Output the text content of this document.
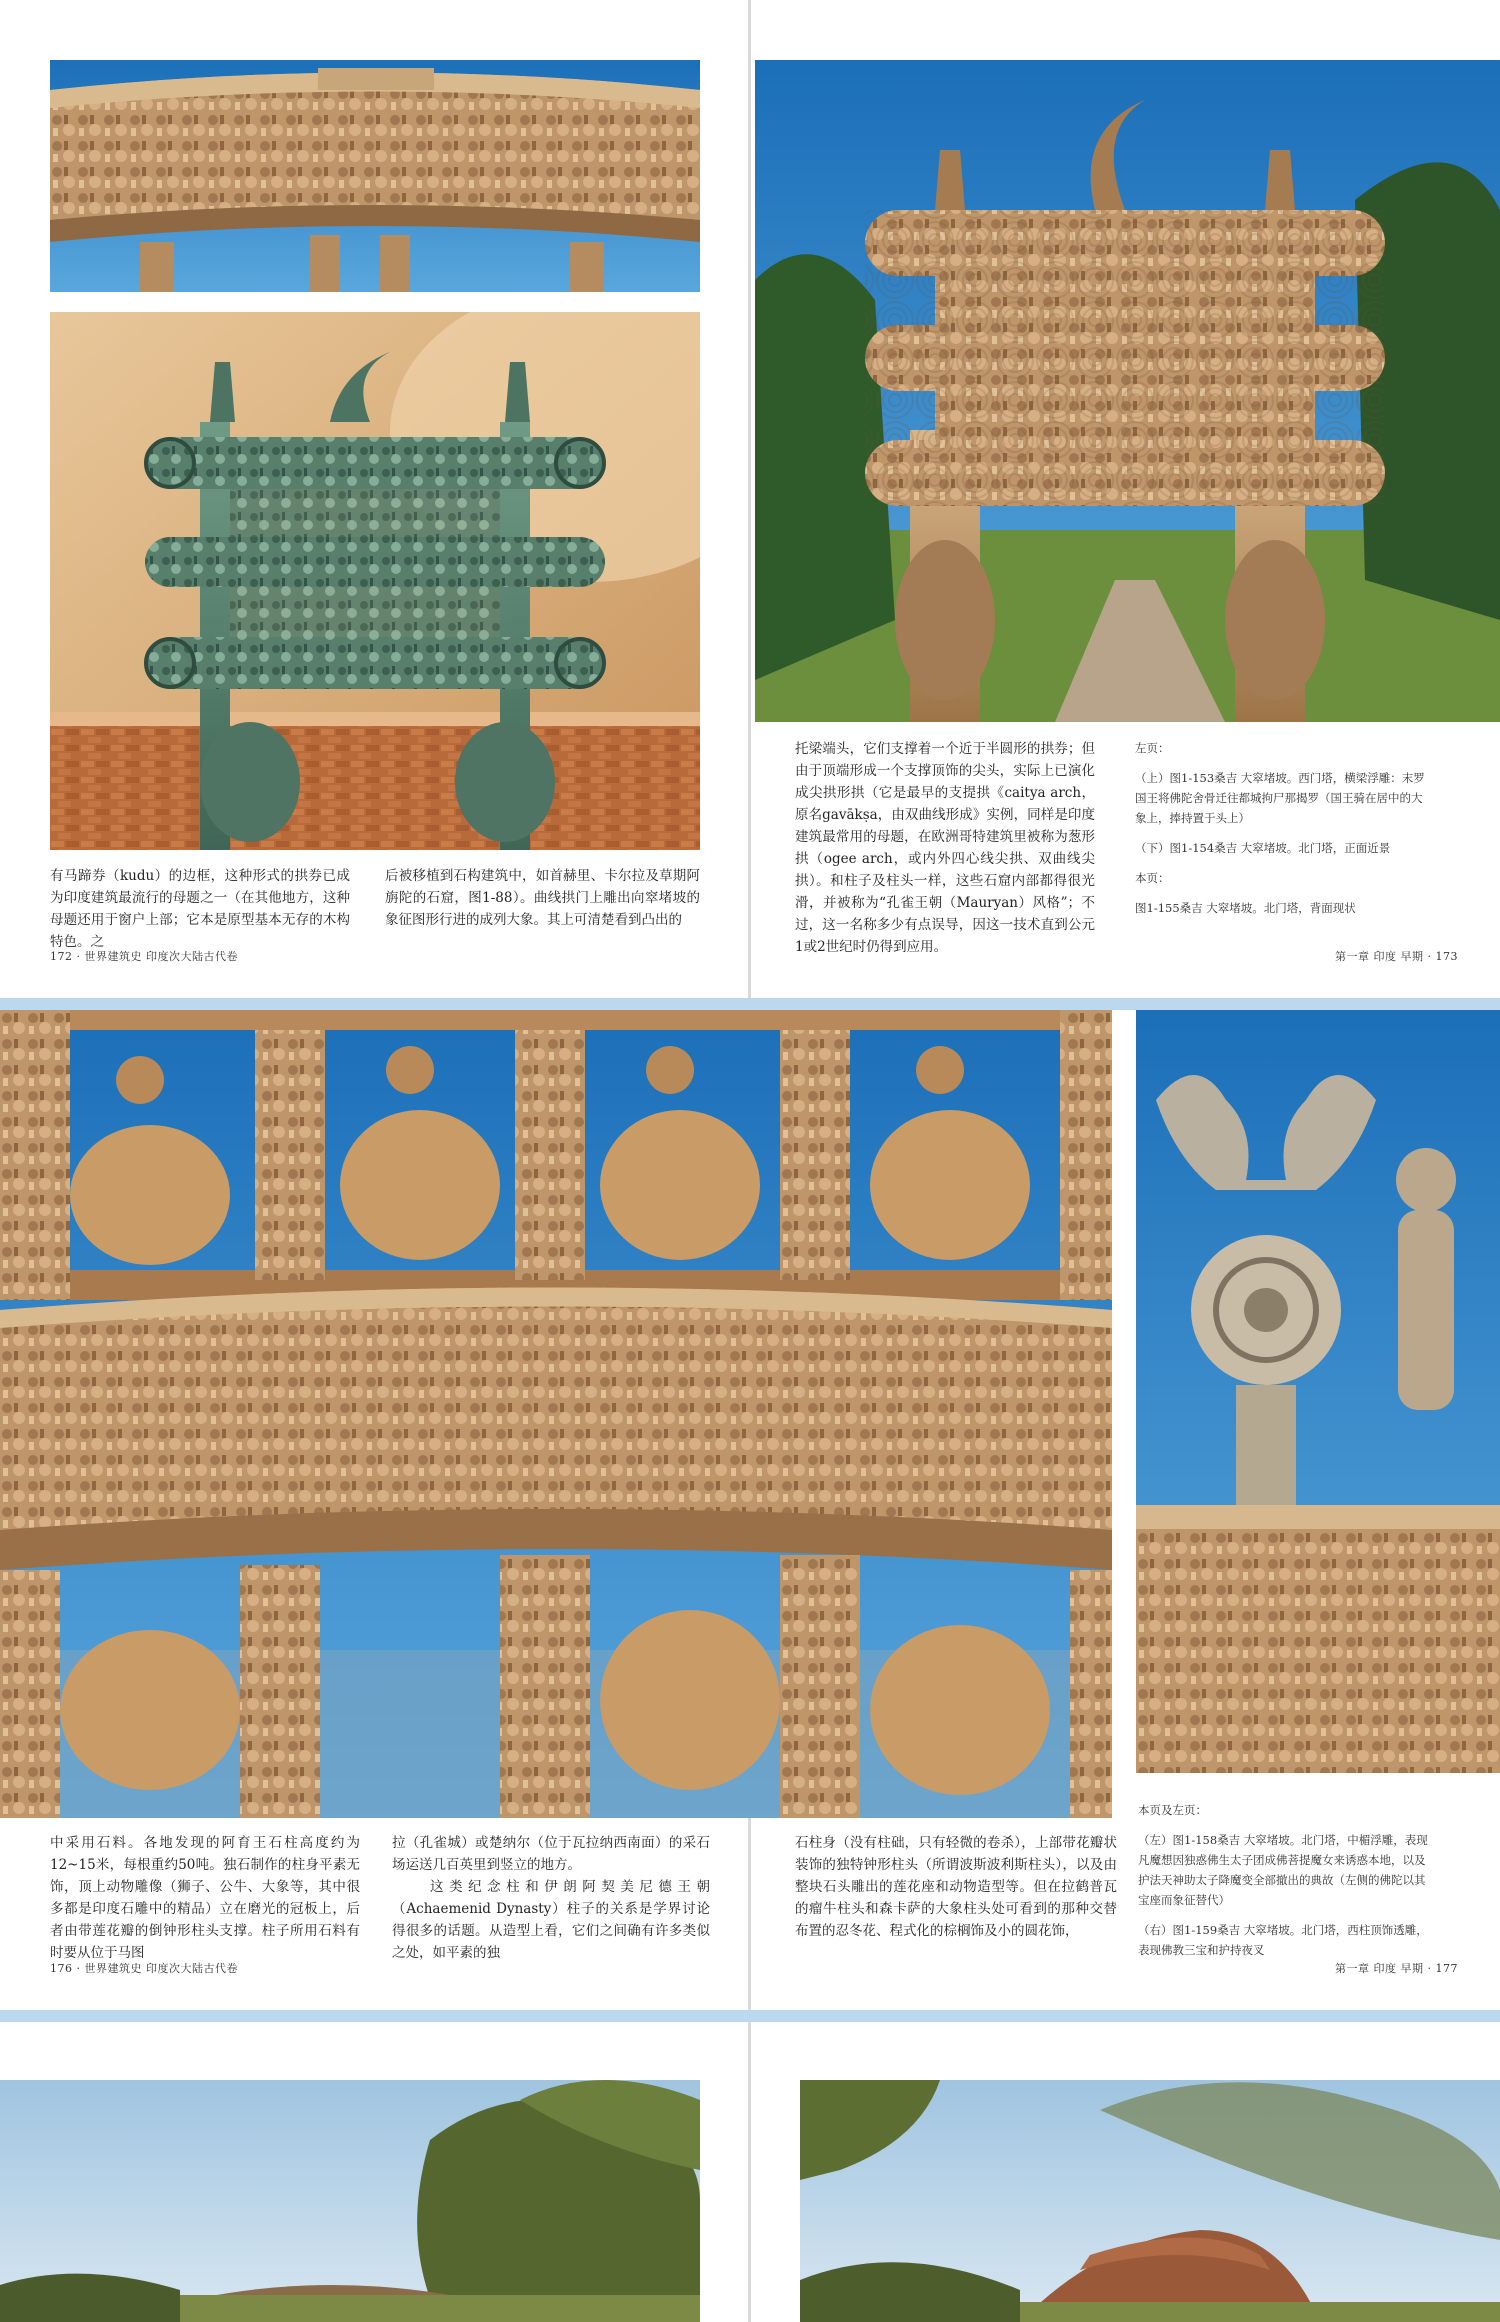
有马蹄券（kudu）的边框，这种形式的拱券已成为印度建筑最流行的母题之一（在其他地方，这种母题还用于窗户上部；它本是原型基本无存的木构特色。之
后被移植到石构建筑中，如首赫里、卡尔拉及草期阿旃陀的石窟，图1-88）。曲线拱门上雕出向窣堵坡的象征图形行进的成列大象。其上可清楚看到凸出的
托梁端头，它们支撑着一个近于半圆形的拱券；但由于顶端形成一个支撑顶饰的尖头，实际上已演化成尖拱形拱（它是最早的支提拱《caitya arch，原名gavākṣa，由双曲线形成》实例，同样是印度建筑最常用的母题，在欧洲哥特建筑里被称为葱形拱（ogee arch，或内外四心线尖拱、双曲线尖拱）。和柱子及柱头一样，这些石窟内部都得很光滑，并被称为“孔雀王朝（Mauryan）风格”；不过，这一名称多少有点误导，因这一技术直到公元1或2世纪时仍得到应用。

左页：

（上）图1-153桑吉 大窣堵坡。西门塔，横梁浮雕：末罗国王将佛陀舍骨迁往都城拘尸那揭罗（国王骑在居中的大象上，捧持置于头上）

（下）图1-154桑吉 大窣堵坡。北门塔，正面近景

本页：

图1-155桑吉 大窣堵坡。北门塔，背面现状

172 · 世界建筑史 印度次大陆古代卷	第一章 印度 早期 · 173
中采用石料。各地发现的阿育王石柱高度约为12~15米，每根重约50吨。独石制作的柱身平素无饰，顶上动物雕像（狮子、公牛、大象等，其中很多都是印度石雕中的精品）立在磨光的冠板上，后者由带莲花瓣的倒钟形柱头支撑。柱子所用石料有时要从位于马图
拉（孔雀城）或楚纳尔（位于瓦拉纳西南面）的采石场运送几百英里到竖立的地方。
　　这类纪念柱和伊朗阿契美尼德王朝（Achaemenid Dynasty）柱子的关系是学界讨论得很多的话题。从造型上看，它们之间确有许多类似之处，如平素的独
石柱身（没有柱础，只有轻微的卷杀），上部带花瓣状装饰的独特钟形柱头（所谓波斯波利斯柱头），以及由整块石头雕出的莲花座和动物造型等。但在拉鹤普瓦的瘤牛柱头和森卡萨的大象柱头处可看到的那种交替布置的忍冬花、程式化的棕榈饰及小的圆花饰，

本页及左页：

（左）图1-158桑吉 大窣堵坡。北门塔，中楣浮雕，表现凡魔想因独惑佛生太子团成佛菩提魔女来诱惑本地，以及护法天神助太子降魔变全部撤出的典故（左侧的佛陀以其宝座而象征替代）

（右）图1-159桑吉 大窣堵坡。北门塔，西柱顶饰透雕，表现佛教三宝和护持夜叉

176 · 世界建筑史 印度次大陆古代卷	第一章 印度 早期 · 177
